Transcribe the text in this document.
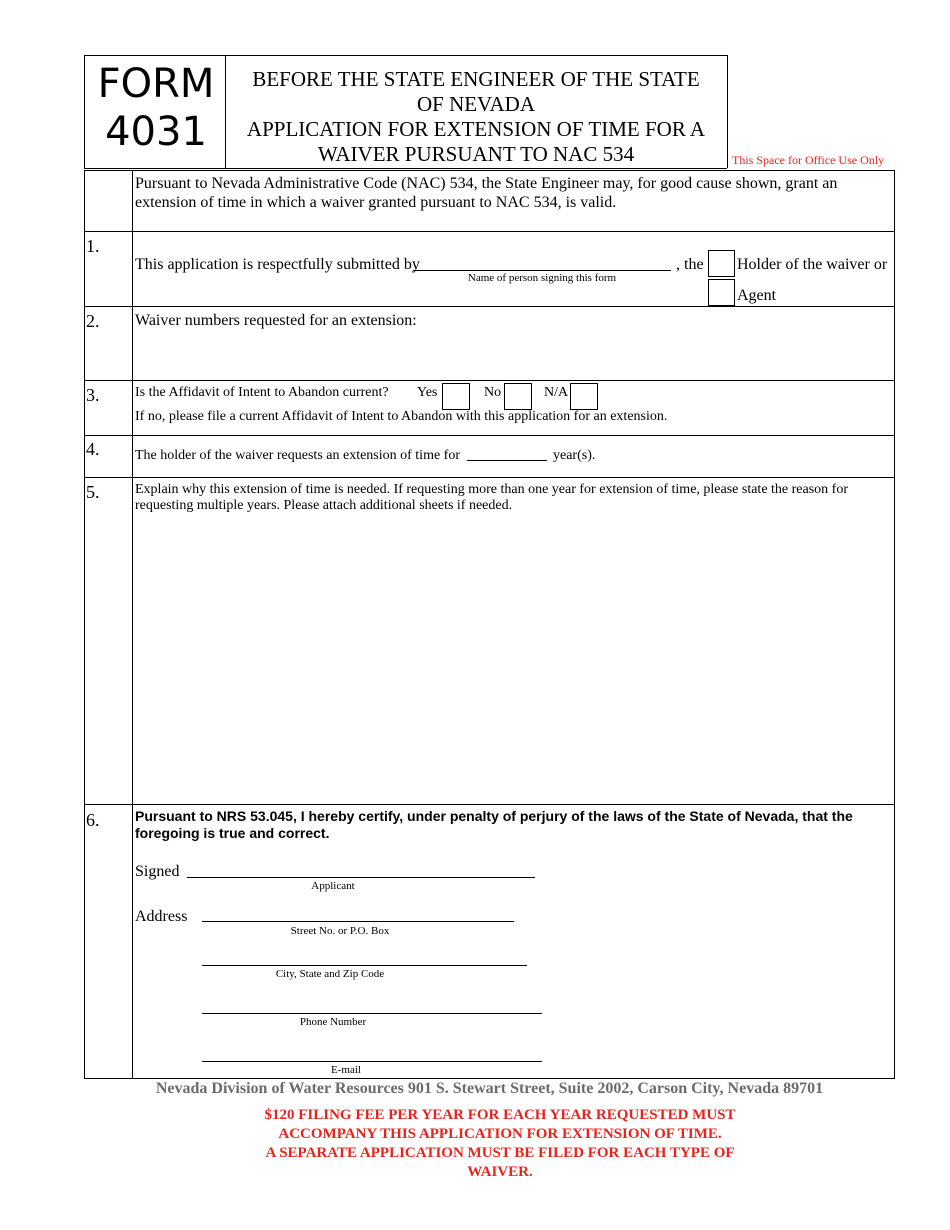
FORM
4031
BEFORE THE STATE ENGINEER OF THE STATE
OF NEVADA
APPLICATION FOR EXTENSION OF TIME FOR A
WAIVER PURSUANT TO NAC 534	This Space for Office Use Only
Pursuant to Nevada Administrative Code (NAC) 534, the State Engineer may, for good cause shown, grant an extension of time in which a waiver granted pursuant to NAC 534, is valid.
1.
This application is respectfully submitted by
Name of person signing this form
, the Holder of the waiver or
Agent
2. Waiver numbers requested for an extension:
3.	Is the Affidavit of Intent to Abandon current? Yes	No	N/A
If no, please file a current Affidavit of Intent to Abandon with this application for an extension.
4.	The holder of the waiver requests an extension of time for	year(s).
5.	Explain why this extension of time is needed. If requesting more than one year for extension of time, please state the reason for requesting multiple years. Please attach additional sheets if needed.
6.	Pursuant to NRS 53.045, I hereby certify, under penalty of perjury of the laws of the State of Nevada, that the foregoing is true and correct.
Signed
Applicant
Address
Street No. or P.O. Box
City, State and Zip Code
Phone Number
E-mail
Nevada Division of Water Resources 901 S. Stewart Street, Suite 2002, Carson City, Nevada 89701
$120 FILING FEE PER YEAR FOR EACH YEAR REQUESTED MUST
ACCOMPANY THIS APPLICATION FOR EXTENSION OF TIME.
A SEPARATE APPLICATION MUST BE FILED FOR EACH TYPE OF
WAIVER.
